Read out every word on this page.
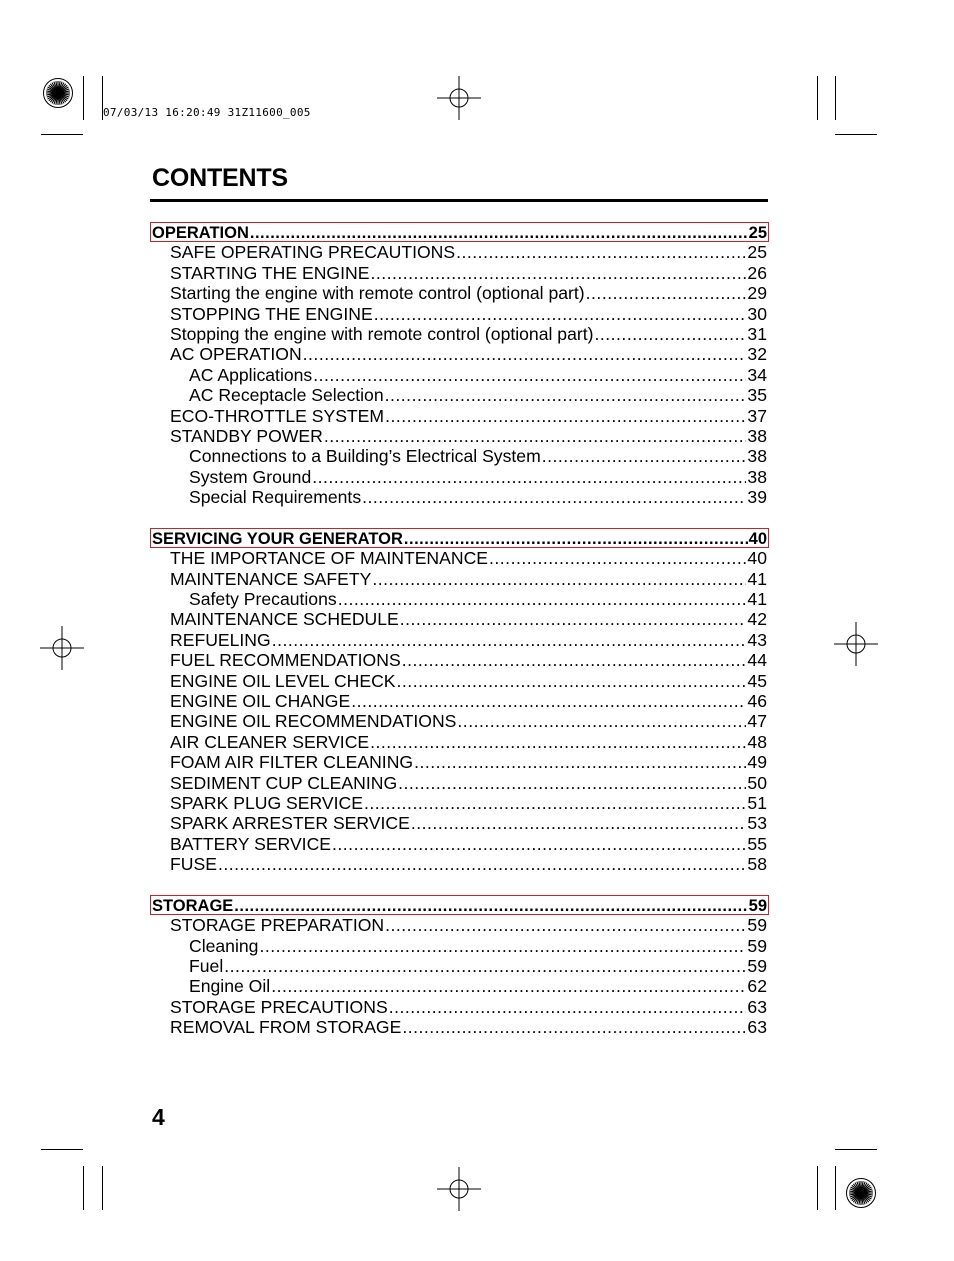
07/03/13 16:20:49 31Z11600_005
CONTENTS
OPERATION .....	25
SAFE OPERATING PRECAUTIONS .....	25
STARTING THE ENGINE .....	26
Starting the engine with remote control (optional part) .....	29
STOPPING THE ENGINE .....	30
Stopping the engine with remote control (optional part) .....	31
AC OPERATION .....	32
AC Applications .....	34
AC Receptacle Selection .....	35
ECO-THROTTLE SYSTEM .....	37
STANDBY POWER .....	38
Connections to a Building’s Electrical System .....	38
System Ground .....	38
Special Requirements .....	39
SERVICING YOUR GENERATOR .....	40
THE IMPORTANCE OF MAINTENANCE .....	40
MAINTENANCE SAFETY .....	41
Safety Precautions .....	41
MAINTENANCE SCHEDULE .....	42
REFUELING .....	43
FUEL RECOMMENDATIONS .....	44
ENGINE OIL LEVEL CHECK .....	45
ENGINE OIL CHANGE .....	46
ENGINE OIL RECOMMENDATIONS .....	47
AIR CLEANER SERVICE .....	48
FOAM AIR FILTER CLEANING .....	49
SEDIMENT CUP CLEANING .....	50
SPARK PLUG SERVICE .....	51
SPARK ARRESTER SERVICE .....	53
BATTERY SERVICE .....	55
FUSE .....	58
STORAGE .....	59
STORAGE PREPARATION .....	59
Cleaning .....	59
Fuel .....	59
Engine Oil .....	62
STORAGE PRECAUTIONS .....	63
REMOVAL FROM STORAGE .....	63
4
